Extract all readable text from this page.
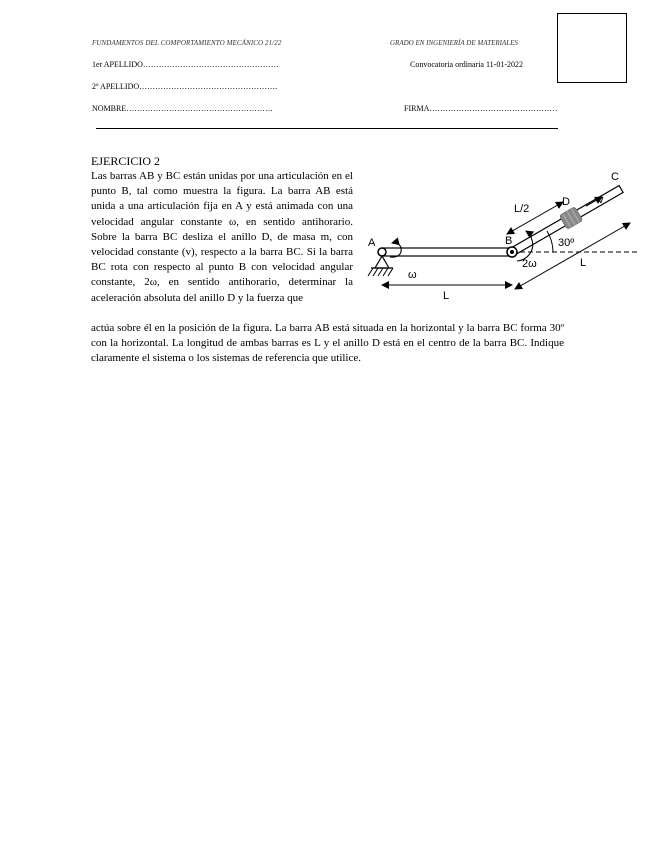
FUNDAMENTOS DEL COMPORTAMIENTO MECÁNICO 21/22	GRADO EN INGENIERÍA DE MATERIALES
1er APELLIDO……………………………………………	Convocatoria ordinaria 11-01-2022
2º APELLIDO…………………………………………….
NOMBRE……………………………………………….	FIRMA…………………………………………
EJERCICIO 2
Las barras AB y BC están unidas por una articulación en el punto B, tal como muestra la figura. La barra AB está unida a una articulación fija en A y está animada con una velocidad angular constante ω, en sentido antihorario. Sobre la barra BC desliza el anillo D, de masa m, con velocidad constante (v), respecto a la barra BC. Si la barra BC rota con respecto al punto B con velocidad angular constante, 2ω, en sentido antihorario, determinar la aceleración absoluta del anillo D y la fuerza que
actúa sobre él en la posición de la figura. La barra AB está situada en la horizontal y la barra BC forma 30º con la horizontal. La longitud de ambas barras es L y el anillo D está en el centro de la barra BC. Indique claramente el sistema o los sistemas de referencia que utilice.
A	B
C
D	v
L/2
30º
2ω
ω
L
L
